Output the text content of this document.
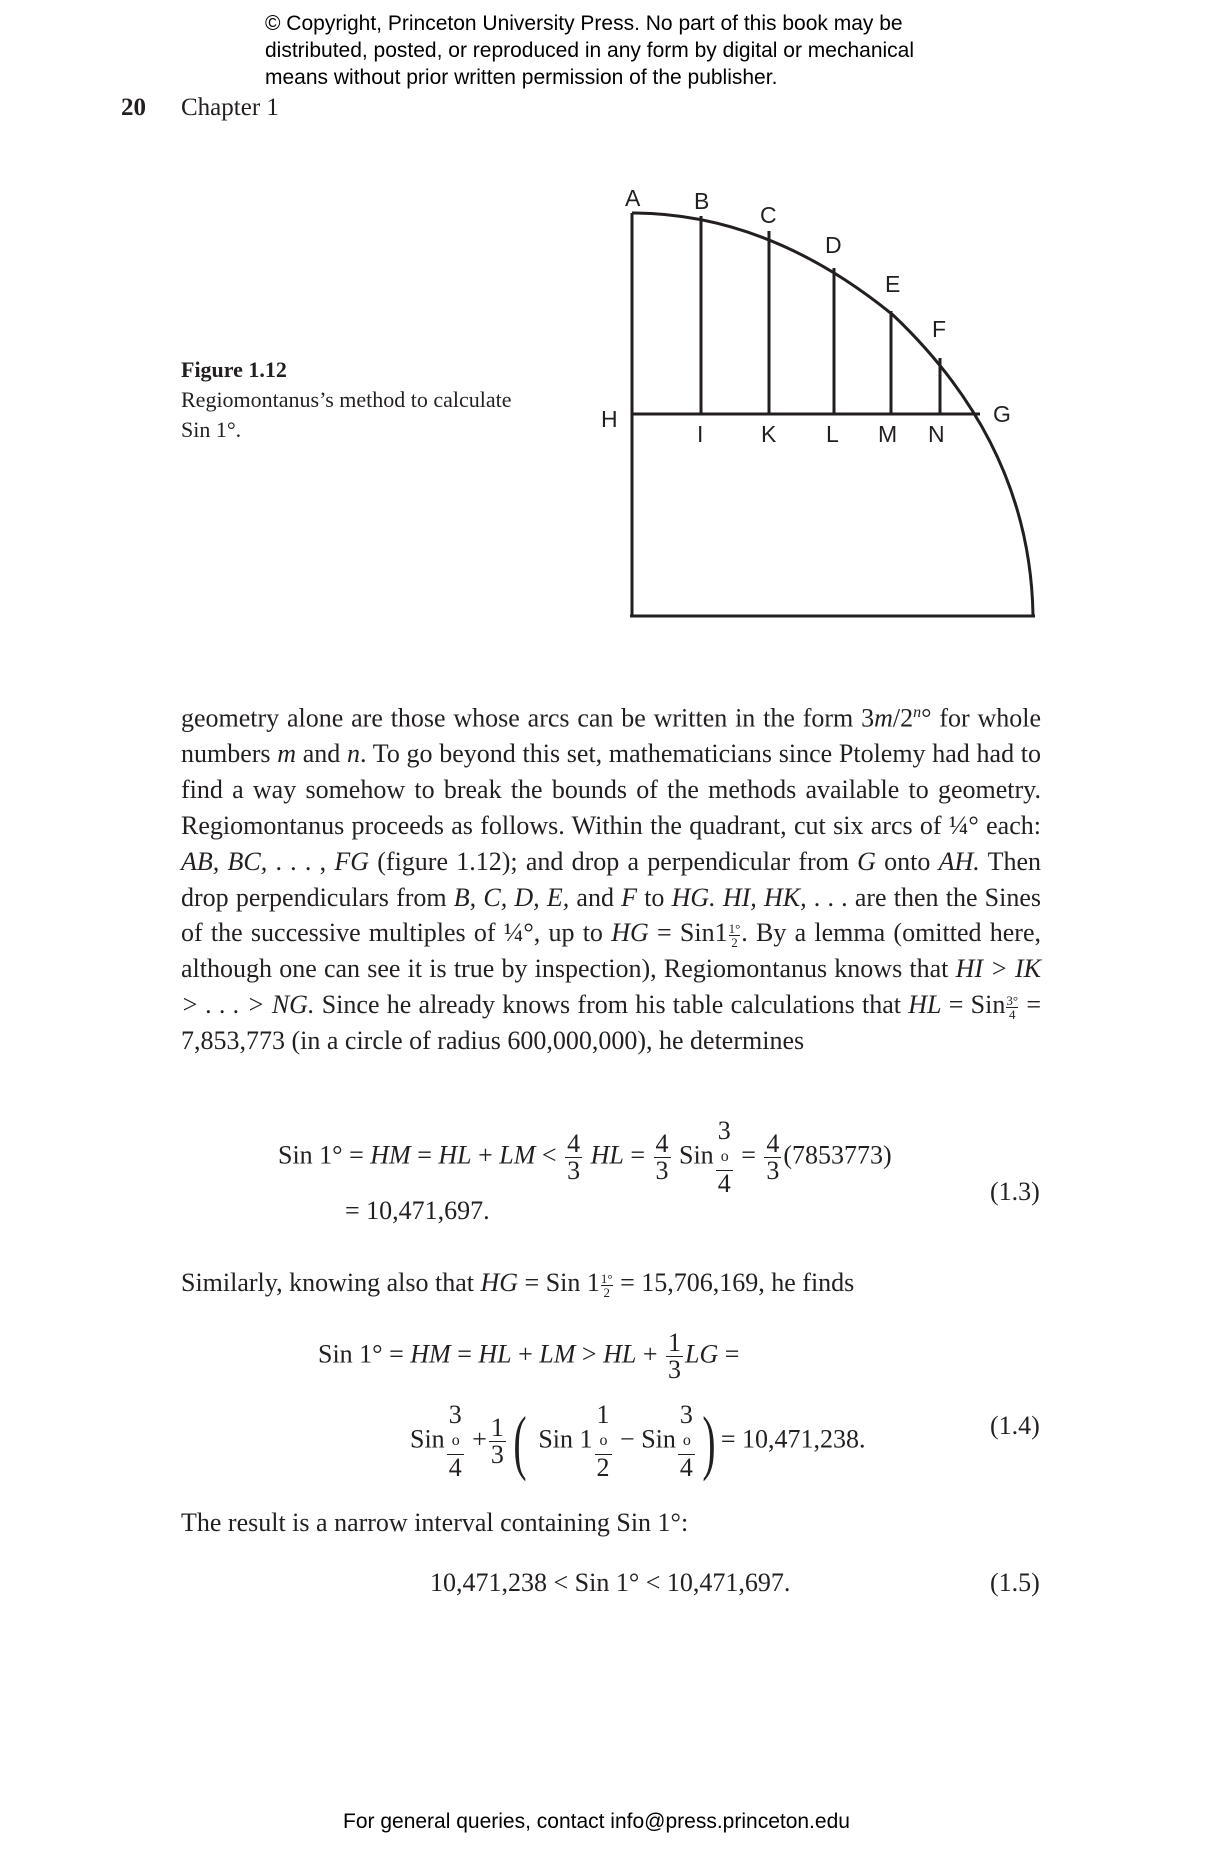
© Copyright, Princeton University Press. No part of this book may be
distributed, posted, or reproduced in any form by digital or mechanical
means without prior written permission of the publisher.
20 Chapter 1
Figure 1.12
Regiomontanus’s method to calculate
Sin 1°.
A B
C
D
E
F
G
H
I	K L M N

geometry alone are those whose arcs can be written in the form 3m/2$^n$° for whole numbers m and n. To go beyond this set, mathematicians since Ptolemy had had to find a way somehow to break the bounds of the methods available to geometry. Regiomontanus proceeds as follows. Within the quadrant, cut six arcs of ¼° each: AB, BC, . . . , FG (figure 1.12); and drop a perpendicular from G onto AH. Then drop perpendiculars from B, C, D, E, and F to HG. HI, HK, . . . are then the Sines of the successive multiples of ¼°, up to HG = $Sin1 \frac{1^\circ}{2}$ . By a lemma (omitted here, although one can see it is true by inspection), Regiomontanus knows that HI > IK > . . . > NG. Since he already knows from his table calculations that HL = Sin $\frac{3^\circ}{4} = 7,853,773$ (in a circle of radius 600,000,000), he determines

Sin 1° = HM = HL + LM < $\frac{4}{3}$ HL = $\frac{4}{3}$ Sin 3
o
$4 = \frac{4}{3} (7853773)$
= 10,471,697.
(1.3)

Similarly, knowing also that HG = Sin $1 \frac{1^\circ}{2} = 15,706,169$, he finds

Sin 1° = HM = HL + LM > HL + $\frac{1}{3}$ LG =
Sin 3
o
$4 + \frac{1}{3}$ ( Sin 1 1
o
2 − Sin 3
o
4 ) = 10,471,238.	(1.4)

The result is a narrow interval containing Sin 1°:

10,471,238 < Sin 1° < 10,471,697.	(1.5)
For general queries, contact info@press.princeton.edu
